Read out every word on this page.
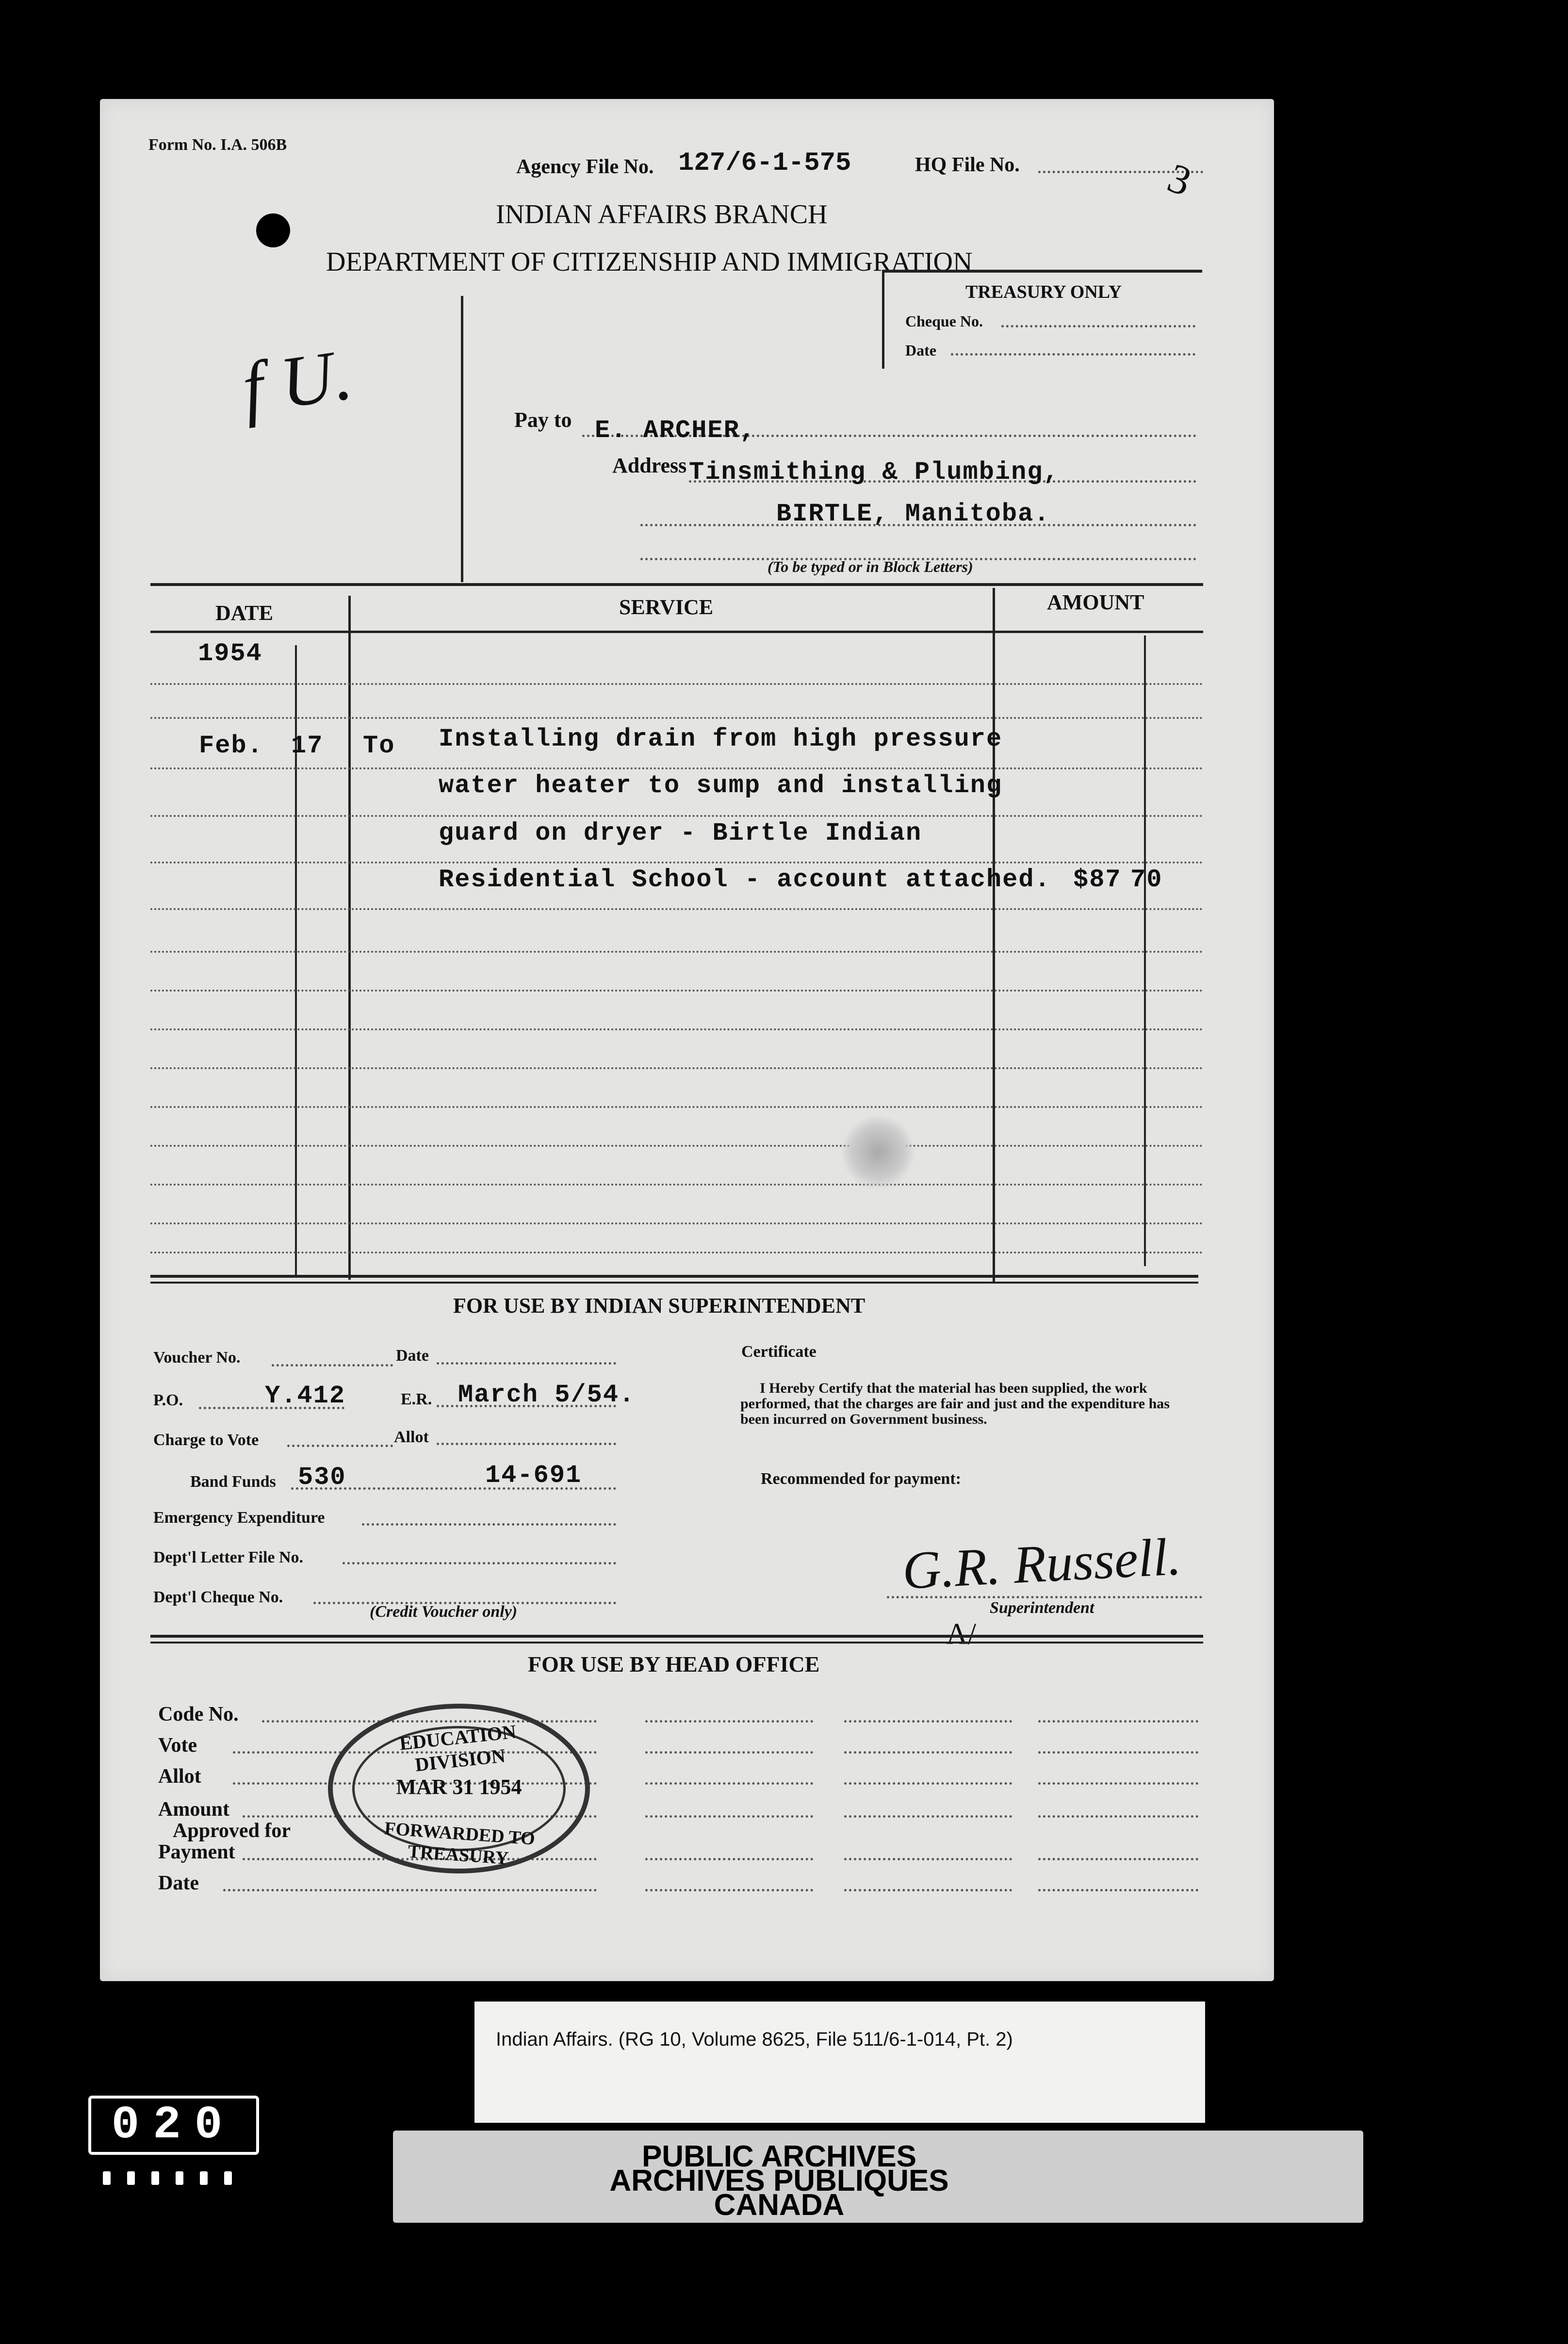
Form No. I.A. 506B
Agency File No. 127/6-1-575	HQ File No.	3
INDIAN AFFAIRS BRANCH
DEPARTMENT OF CITIZENSHIP AND IMMIGRATION
TREASURY ONLY
Cheque No.
Date
f U.	Pay to E. ARCHER,
Address Tinsmithing & Plumbing,
BIRTLE, Manitoba.
(To be typed or in Block Letters)
DATE	SERVICE	AMOUNT
1954
Feb. 17 To Installing drain from high pressure
water heater to sump and installing
guard on dryer - Birtle Indian
Residential School - account attached. $87 70
FOR USE BY INDIAN SUPERINTENDENT
Voucher No.	Date
P.O.	Y.412	E.R. March 5/54.
Charge to Vote	Allot
Band Funds 530	14-691
Emergency Expenditure
Dept'l Letter File No.
Dept'l Cheque No.
(Credit Voucher only)
Certificate
I Hereby Certify that the material has been supplied, the work performed, that the charges are fair and just and the expenditure has been incurred on Government business.
Recommended for payment:
G.R. Russell.
Superintendent
A/
FOR USE BY HEAD OFFICE
Code No.
Vote
Allot
Amount
Approved for
Payment
Date
EDUCATION DIVISION
MAR 31 1954
FORWARDED TO TREASURY
Indian Affairs. (RG 10, Volume 8625, File 511/6-1-014, Pt. 2)
PUBLIC ARCHIVES
ARCHIVES PUBLIQUES
CANADA
020
